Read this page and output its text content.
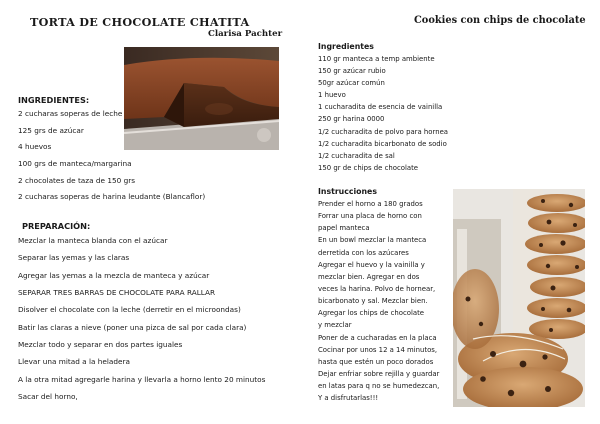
TORTA DE CHOCOLATE CHATITA
Clarisa Pachter
INGREDIENTES:
2 cucharas soperas de leche
125 grs de azúcar
4 huevos
100 grs de manteca/margarina
2 chocolates de taza de 150 grs
2 cucharas soperas de harina leudante (Blancaflor)
PREPARACIÓN:
Mezclar la manteca blanda con el azúcar
Separar las yemas y las claras
Agregar las yemas a la mezcla de manteca y azúcar
SEPARAR TRES BARRAS DE CHOCOLATE PARA RALLAR
Disolver el chocolate con la leche (derretir en el microondas)
Batir las claras a nieve (poner una pizca de sal por cada clara)
Mezclar todo y separar en dos partes iguales
Llevar una mitad a la heladera
A la otra mitad agregarle harina y llevarla a horno lento 20 minutos
Sacar del horno,
Cookies con chips de chocolate
Ingredientes
110 gr manteca a temp ambiente
150 gr azúcar rubio
50gr azúcar común
1 huevo
1 cucharadita de esencia de vainilla
250 gr harina 0000
1/2 cucharadita de polvo para hornea
1/2 cucharadita bicarbonato de sodio
1/2 cucharadita de sal
150 gr de chips de chocolate
Instrucciones
Prender el horno a 180 grados
Forrar una placa de horno con
papel manteca
En un bowl mezclar la manteca
derretida con los azúcares
Agregar el huevo y la vainilla y
mezclar bien. Agregar en dos
veces la harina. Polvo de hornear,
bicarbonato y sal. Mezclar bien.
Agregar los chips de chocolate
y mezclar
Poner de a cucharadas en la placa
Cocinar por unos 12 a 14 minutos,
hasta que estén un poco dorados
Dejar enfriar sobre rejilla y guardar
en latas para q no se humedezcan,
Y a disfrutarlas!!!
